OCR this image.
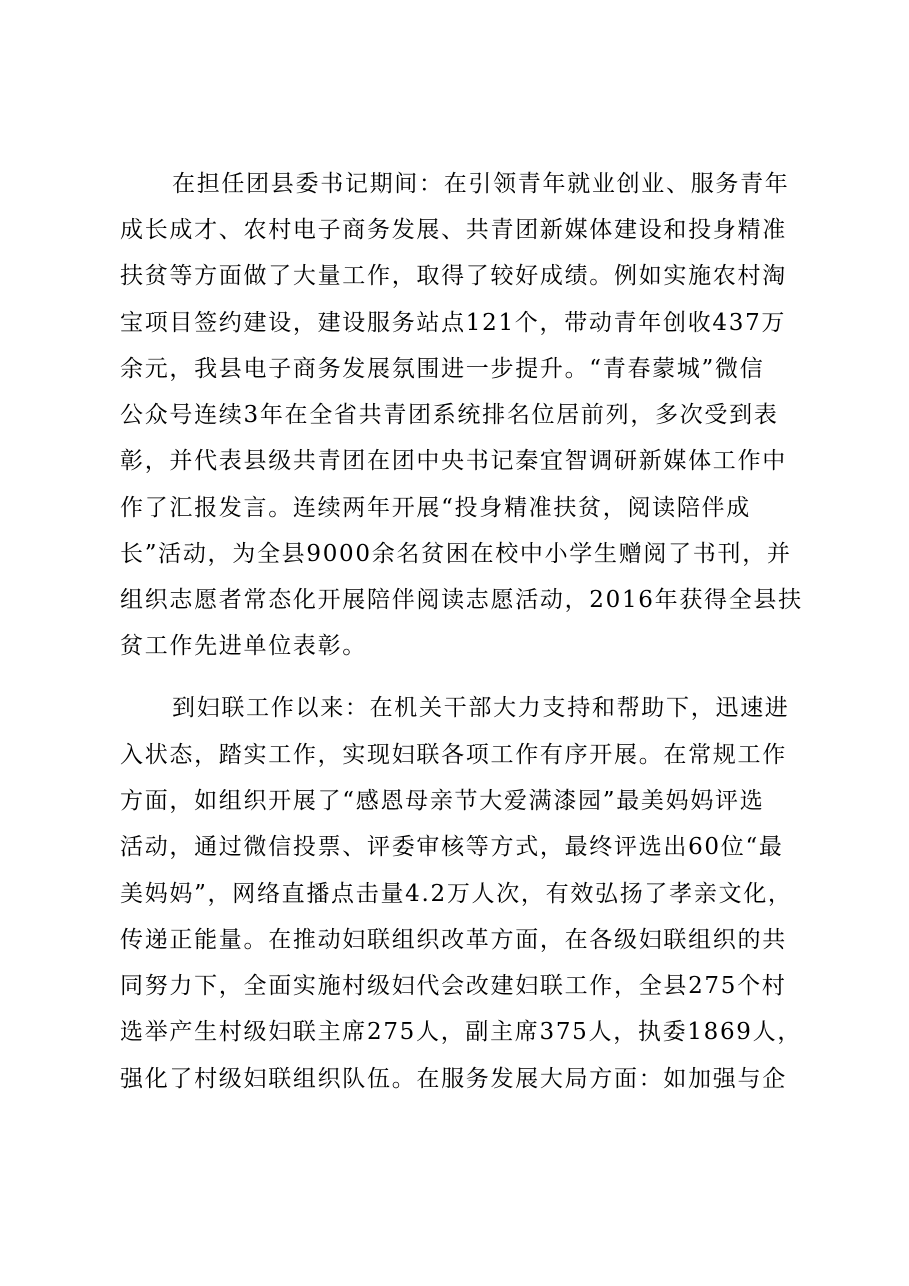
在担任团县委书记期间：在引领青年就业创业、服务青年
成长成才、农村电子商务发展、共青团新媒体建设和投身精准
扶贫等方面做了大量工作，取得了较好成绩。例如实施农村淘
宝项目签约建设，建设服务站点121个，带动青年创收437万
余元，我县电子商务发展氛围进一步提升。“青春蒙城”微信
公众号连续3年在全省共青团系统排名位居前列，多次受到表
彰，并代表县级共青团在团中央书记秦宜智调研新媒体工作中
作了汇报发言。连续两年开展“投身精准扶贫，阅读陪伴成
长”活动，为全县9000余名贫困在校中小学生赠阅了书刊，并
组织志愿者常态化开展陪伴阅读志愿活动，2016年获得全县扶
贫工作先进单位表彰。
到妇联工作以来：在机关干部大力支持和帮助下，迅速进
入状态，踏实工作，实现妇联各项工作有序开展。在常规工作
方面，如组织开展了“感恩母亲节大爱满漆园”最美妈妈评选
活动，通过微信投票、评委审核等方式，最终评选出60位“最
美妈妈”，网络直播点击量4.2万人次，有效弘扬了孝亲文化，
传递正能量。在推动妇联组织改革方面，在各级妇联组织的共
同努力下，全面实施村级妇代会改建妇联工作，全县275个村
选举产生村级妇联主席275人，副主席375人，执委1869人，
强化了村级妇联组织队伍。在服务发展大局方面：如加强与企
